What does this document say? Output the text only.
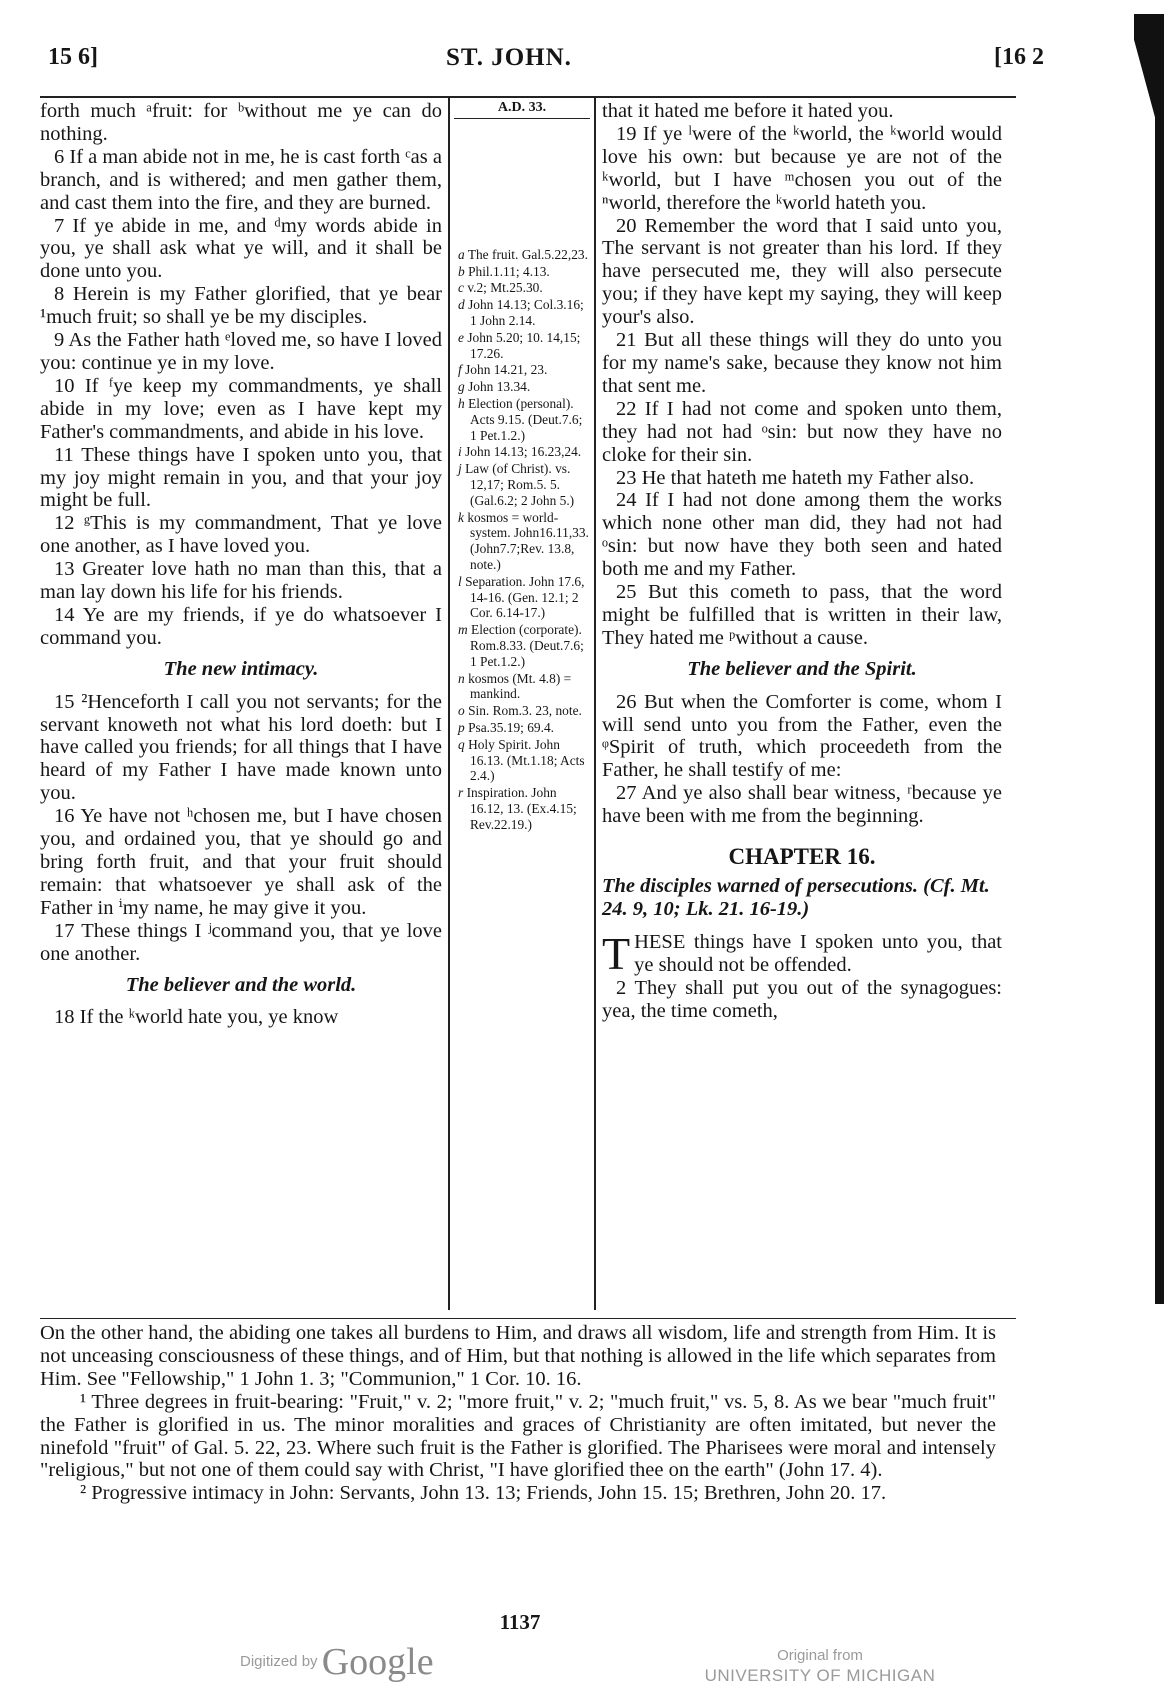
15 6]	ST. JOHN.	[16 2

forth much ᵃfruit: for ᵇwithout me ye can do nothing.

6 If a man abide not in me, he is cast forth ᶜas a branch, and is withered; and men gather them, and cast them into the fire, and they are burned.

7 If ye abide in me, and ᵈmy words abide in you, ye shall ask what ye will, and it shall be done unto you.

8 Herein is my Father glorified, that ye bear ¹much fruit; so shall ye be my disciples.

9 As the Father hath ᵉloved me, so have I loved you: continue ye in my love.

10 If ᶠye keep my commandments, ye shall abide in my love; even as I have kept my Father's commandments, and abide in his love.

11 These things have I spoken unto you, that my joy might remain in you, and that your joy might be full.

12 ᵍThis is my commandment, That ye love one another, as I have loved you.

13 Greater love hath no man than this, that a man lay down his life for his friends.

14 Ye are my friends, if ye do whatsoever I command you.

The new intimacy.

15 ²Henceforth I call you not servants; for the servant knoweth not what his lord doeth: but I have called you friends; for all things that I have heard of my Father I have made known unto you.

16 Ye have not ʰchosen me, but I have chosen you, and ordained you, that ye should go and bring forth fruit, and that your fruit should remain: that whatsoever ye shall ask of the Father in ⁱmy name, he may give it you.

17 These things I ʲcommand you, that ye love one another.

The believer and the world.

18 If the ᵏworld hate you, ye know

A.D. 33.
a The fruit. Gal.5.22,23.
b Phil.1.11; 4.13.
c v.2; Mt.25.30.
d John 14.13; Col.3.16; 1 John 2.14.
e John 5.20; 10. 14,15; 17.26.
f John 14.21, 23.
g John 13.34.
h Election (personal). Acts 9.15. (Deut.7.6; 1 Pet.1.2.)
i John 14.13; 16.23,24.
j Law (of Christ). vs. 12,17; Rom.5. 5. (Gal.6.2; 2 John 5.)
k kosmos = world-system. John16.11,33. (John7.7;Rev. 13.8, note.)
l Separation. John 17.6, 14-16. (Gen. 12.1; 2 Cor. 6.14-17.)
m Election (corporate). Rom.8.33. (Deut.7.6; 1 Pet.1.2.)
n kosmos (Mt. 4.8) = mankind.
o Sin. Rom.3. 23, note.
p Psa.35.19; 69.4.
q Holy Spirit. John 16.13. (Mt.1.18; Acts 2.4.)
r Inspiration. John 16.12, 13. (Ex.4.15; Rev.22.19.)

that it hated me before it hated you.

19 If ye ˡwere of the ᵏworld, the ᵏworld would love his own: but because ye are not of the ᵏworld, but I have ᵐchosen you out of the ⁿworld, therefore the ᵏworld hateth you.

20 Remember the word that I said unto you, The servant is not greater than his lord. If they have persecuted me, they will also persecute you; if they have kept my saying, they will keep your's also.

21 But all these things will they do unto you for my name's sake, because they know not him that sent me.

22 If I had not come and spoken unto them, they had not had ᵒsin: but now they have no cloke for their sin.

23 He that hateth me hateth my Father also.

24 If I had not done among them the works which none other man did, they had not had ᵒsin: but now have they both seen and hated both me and my Father.

25 But this cometh to pass, that the word might be fulfilled that is written in their law, They hated me ᵖwithout a cause.

The believer and the Spirit.

26 But when the Comforter is come, whom I will send unto you from the Father, even the ᵠSpirit of truth, which proceedeth from the Father, he shall testify of me:

27 And ye also shall bear witness, ʳbecause ye have been with me from the beginning.

CHAPTER 16.

The disciples warned of persecutions. (Cf. Mt. 24. 9, 10; Lk. 21. 16-19.)

THESE things have I spoken unto you, that ye should not be offended.

2 They shall put you out of the synagogues: yea, the time cometh,

On the other hand, the abiding one takes all burdens to Him, and draws all wisdom, life and strength from Him. It is not unceasing consciousness of these things, and of Him, but that nothing is allowed in the life which separates from Him. See "Fellowship," 1 John 1. 3; "Communion," 1 Cor. 10. 16.

¹ Three degrees in fruit-bearing: "Fruit," v. 2; "more fruit," v. 2; "much fruit," vs. 5, 8. As we bear "much fruit" the Father is glorified in us. The minor moralities and graces of Christianity are often imitated, but never the ninefold "fruit" of Gal. 5. 22, 23. Where such fruit is the Father is glorified. The Pharisees were moral and intensely "religious," but not one of them could say with Christ, "I have glorified thee on the earth" (John 17. 4).

² Progressive intimacy in John: Servants, John 13. 13; Friends, John 15. 15; Brethren, John 20. 17.

1137
Digitized by Google	Original from
UNIVERSITY OF MICHIGAN
